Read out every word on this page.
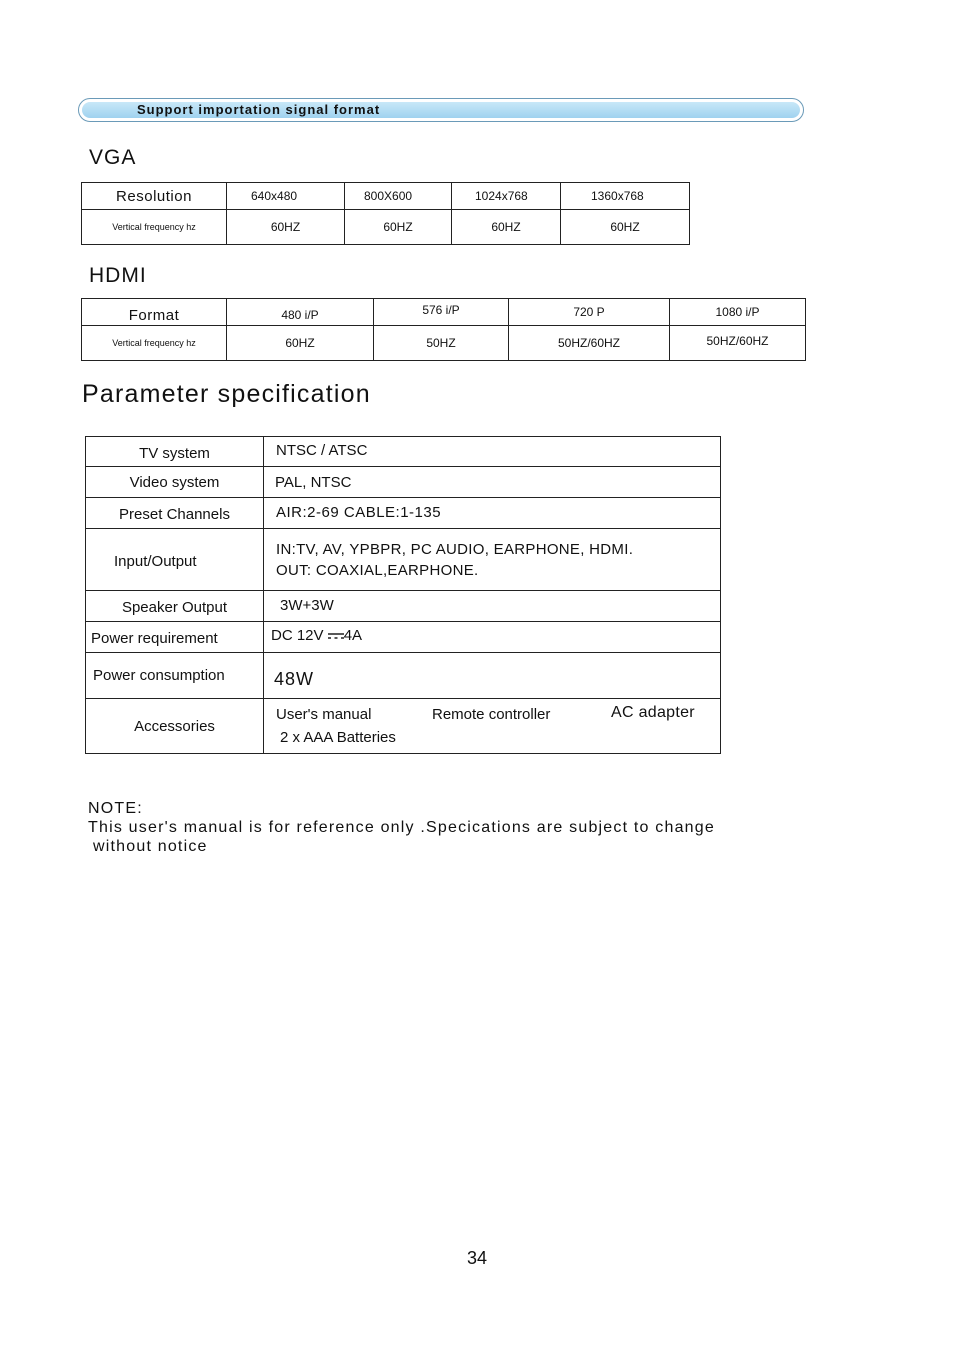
Support importation signal format
VGA
Resolution	640x480	800X600	1024x768	1360x768
Vertical frequency hz	60HZ	60HZ	60HZ	60HZ
HDMI
Format	480 i/P	576 i/P	720 P	1080 i/P
Vertical frequency hz	60HZ	50HZ	50HZ/60HZ	50HZ/60HZ
Parameter specification
TV system	NTSC / ATSC
Video system	PAL, NTSC
Preset Channels	AIR:2-69 CABLE:1-135
Input/Output	IN:TV, AV, YPBPR, PC AUDIO, EARPHONE, HDMI.
OUT: COAXIAL,EARPHONE.

Speaker Output	3W+3W
Power requirement	DC 12V 4A
Power consumption	48W
Accessories	User's manual Remote controller AC adapter
2 x AAA Batteries
NOTE:
This user's manual is for reference only .Specications are subject to change
without notice
34
